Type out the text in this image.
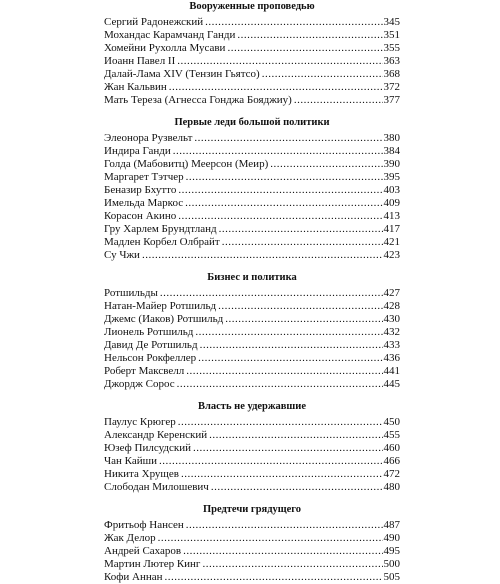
Вооруженные проповедью
Сергий Радонежский .....	345
Мохандас Карамчанд Ганди .....	351
Хомейни Рухолла Мусави .....	355
Иоанн Павел II .....	363
Далай-Лама XIV (Тензин Гьятсо) .....	368
Жан Кальвин .....	372
Мать Тереза (Агнесса Гонджа Бояджиу) .....	377
Первые леди большой политики
Элеонора Рузвельт .....	380
Индира Ганди .....	384
Голда (Мабовитц) Меерсон (Меир) .....	390
Маргарет Тэтчер .....	395
Беназир Бхутто .....	403
Имельда Маркос .....	409
Корасон Акино .....	413
Гру Харлем Брундтланд .....	417
Мадлен Корбел Олбрайт .....	421
Су Чжи .....	423
Бизнес и политика
Ротшильды .....	427
Натан-Майер Ротшильд .....	428
Джемс (Иаков) Ротшильд .....	430
Лионель Ротшильд .....	432
Давид Де Ротшильд .....	433
Нельсон Рокфеллер .....	436
Роберт Максвелл .....	441
Джордж Сорос .....	445
Власть не удержавшие
Паулус Крюгер .....	450
Александр Керенский .....	455
Юзеф Пилсудский .....	460
Чан Кайши .....	466
Никита Хрущев .....	472
Слободан Милошевич .....	480
Предтечи грядущего
Фритьоф Нансен .....	487
Жак Делор .....	490
Андрей Сахаров .....	495
Мартин Лютер Кинг .....	500
Кофи Аннан .....	505
